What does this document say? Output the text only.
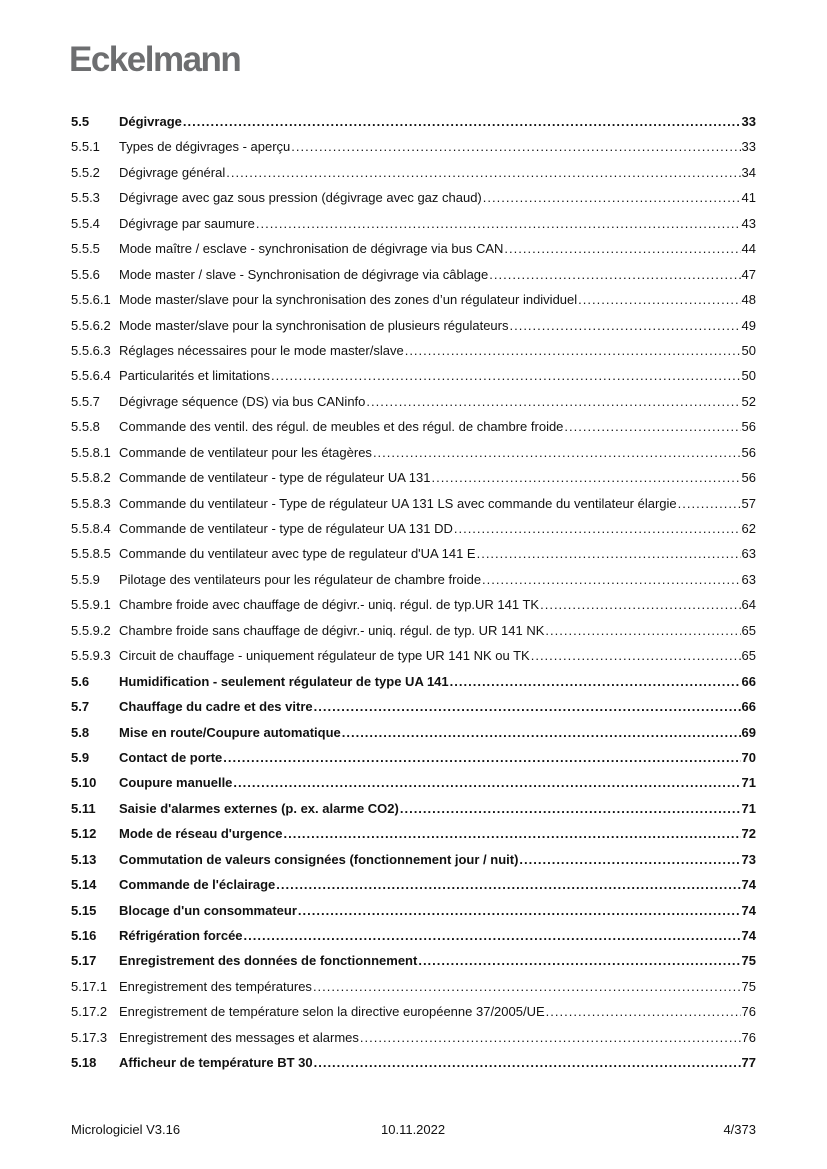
Eckelmann
5.5	Dégivrage .....	33
5.5.1	Types de dégivrages - aperçu .....	33
5.5.2	Dégivrage général .....	34
5.5.3	Dégivrage avec gaz sous pression (dégivrage avec gaz chaud) .....	41
5.5.4	Dégivrage par saumure .....	43
5.5.5	Mode maître / esclave - synchronisation de dégivrage via bus CAN .....	44
5.5.6	Mode master / slave - Synchronisation de dégivrage via câblage .....	47
5.5.6.1 Mode master/slave pour la synchronisation des zones d’un régulateur individuel .....	48
5.5.6.2 Mode master/slave pour la synchronisation de plusieurs régulateurs .....	49
5.5.6.3 Réglages nécessaires pour le mode master/slave .....	50
5.5.6.4 Particularités et limitations .....	50
5.5.7	Dégivrage séquence (DS) via bus CANinfo .....	52
5.5.8	Commande des ventil. des régul. de meubles et des régul. de chambre froide .....	56
5.5.8.1 Commande de ventilateur pour les étagères .....	56
5.5.8.2 Commande de ventilateur - type de régulateur UA 131 .....	56
5.5.8.3 Commande du ventilateur - Type de régulateur UA 131 LS avec commande du ventilateur élargie .....	57
5.5.8.4 Commande de ventilateur - type de régulateur UA 131 DD .....	62
5.5.8.5 Commande du ventilateur avec type de regulateur d'UA 141 E .....	63
5.5.9	Pilotage des ventilateurs pour les régulateur de chambre froide .....	63
5.5.9.1 Chambre froide avec chauffage de dégivr.- uniq. régul. de typ.UR 141 TK .....	64
5.5.9.2 Chambre froide sans chauffage de dégivr.- uniq. régul. de typ. UR 141 NK .....	65
5.5.9.3 Circuit de chauffage - uniquement régulateur de type UR 141 NK ou TK .....	65
5.6	Humidification - seulement régulateur de type UA 141 .....	66
5.7	Chauffage du cadre et des vitre .....	66
5.8	Mise en route/Coupure automatique .....	69
5.9	Contact de porte .....	70
5.10	Coupure manuelle .....	71
5.11	Saisie d'alarmes externes (p. ex. alarme CO2) .....	71
5.12	Mode de réseau d'urgence .....	72
5.13	Commutation de valeurs consignées (fonctionnement jour / nuit) .....	73
5.14	Commande de l'éclairage .....	74
5.15	Blocage d'un consommateur .....	74
5.16	Réfrigération forcée .....	74
5.17	Enregistrement des données de fonctionnement .....	75
5.17.1 Enregistrement des températures .....	75
5.17.2 Enregistrement de température selon la directive européenne 37/2005/UE .....	76
5.17.3 Enregistrement des messages et alarmes .....	76
5.18	Afficheur de température BT 30 .....	77
Micrologiciel V3.16	10.11.2022	4/373
